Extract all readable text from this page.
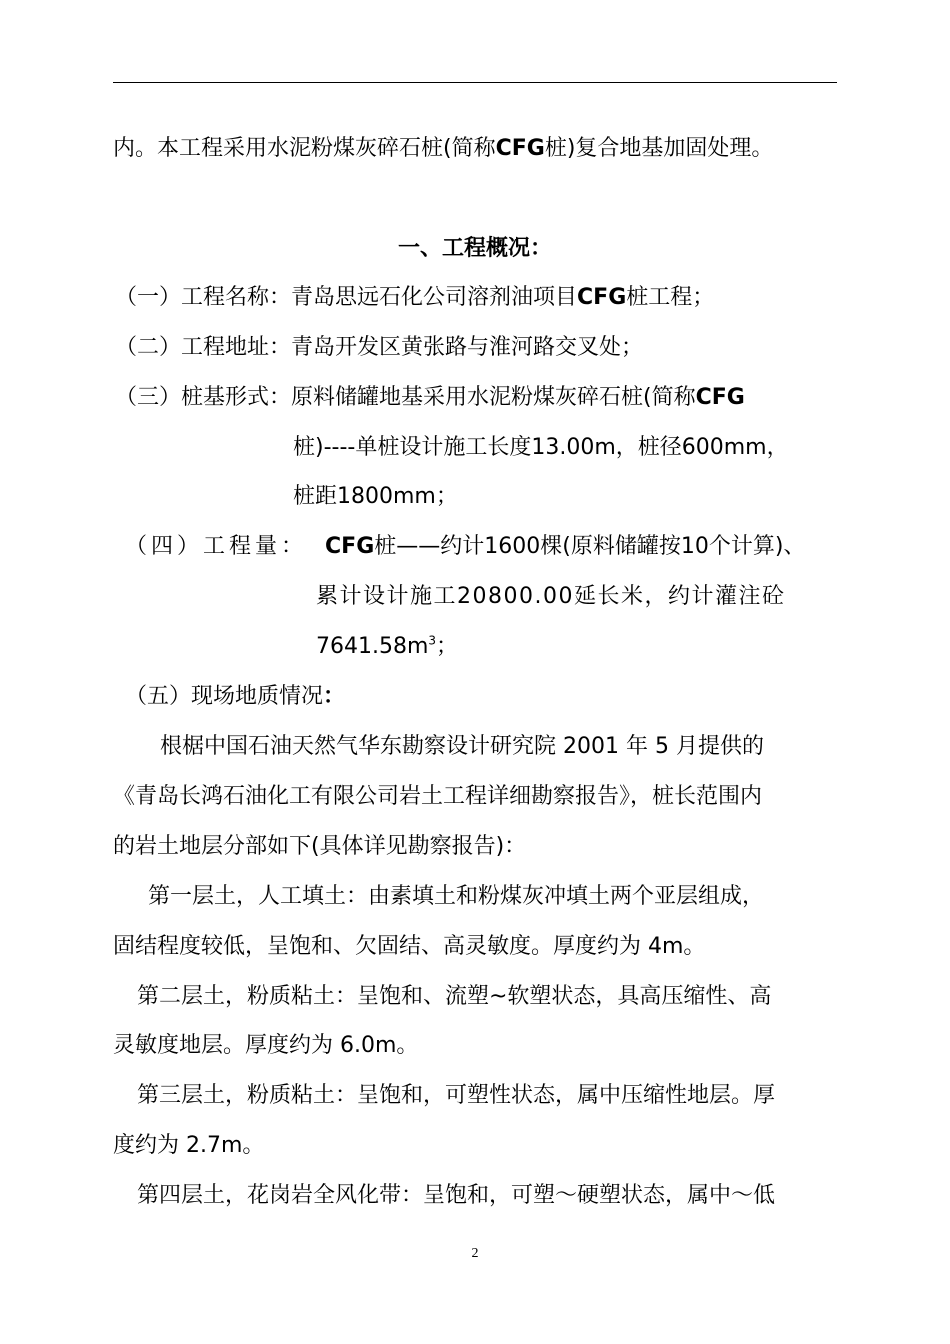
内。本工程采用水泥粉煤灰碎石桩(简称CFG桩)复合地基加固处理。
一、工程概况：
（一）工程名称：青岛思远石化公司溶剂油项目CFG桩工程；
（二）工程地址：青岛开发区黄张路与淮河路交叉处；
（三）桩基形式：原料储罐地基采用水泥粉煤灰碎石桩(简称CFG
桩)----单桩设计施工长度13.00m，桩径600mm，
桩距1800mm；
（四）工程量： CFG桩——约计1600棵(原料储罐按10个计算)、
累计设计施工20800.00延长米，约计灌注砼
$7641.58m^3$；
（五）现场地质情况：
根椐中国石油天然气华东勘察设计研究院 2001 年 5 月提供的
《青岛长鸿石油化工有限公司岩土工程详细勘察报告》，桩长范围内
的岩土地层分部如下(具体详见勘察报告)：
第一层土，人工填土：由素填土和粉煤灰冲填土两个亚层组成，
固结程度较低，呈饱和、欠固结、高灵敏度。厚度约为 4m。
第二层土，粉质粘土：呈饱和、流塑~软塑状态，具高压缩性、高
灵敏度地层。厚度约为 6.0m。
第三层土，粉质粘土：呈饱和，可塑性状态，属中压缩性地层。厚
度约为 2.7m。
第四层土，花岗岩全风化带：呈饱和，可塑～硬塑状态，属中～低
2
